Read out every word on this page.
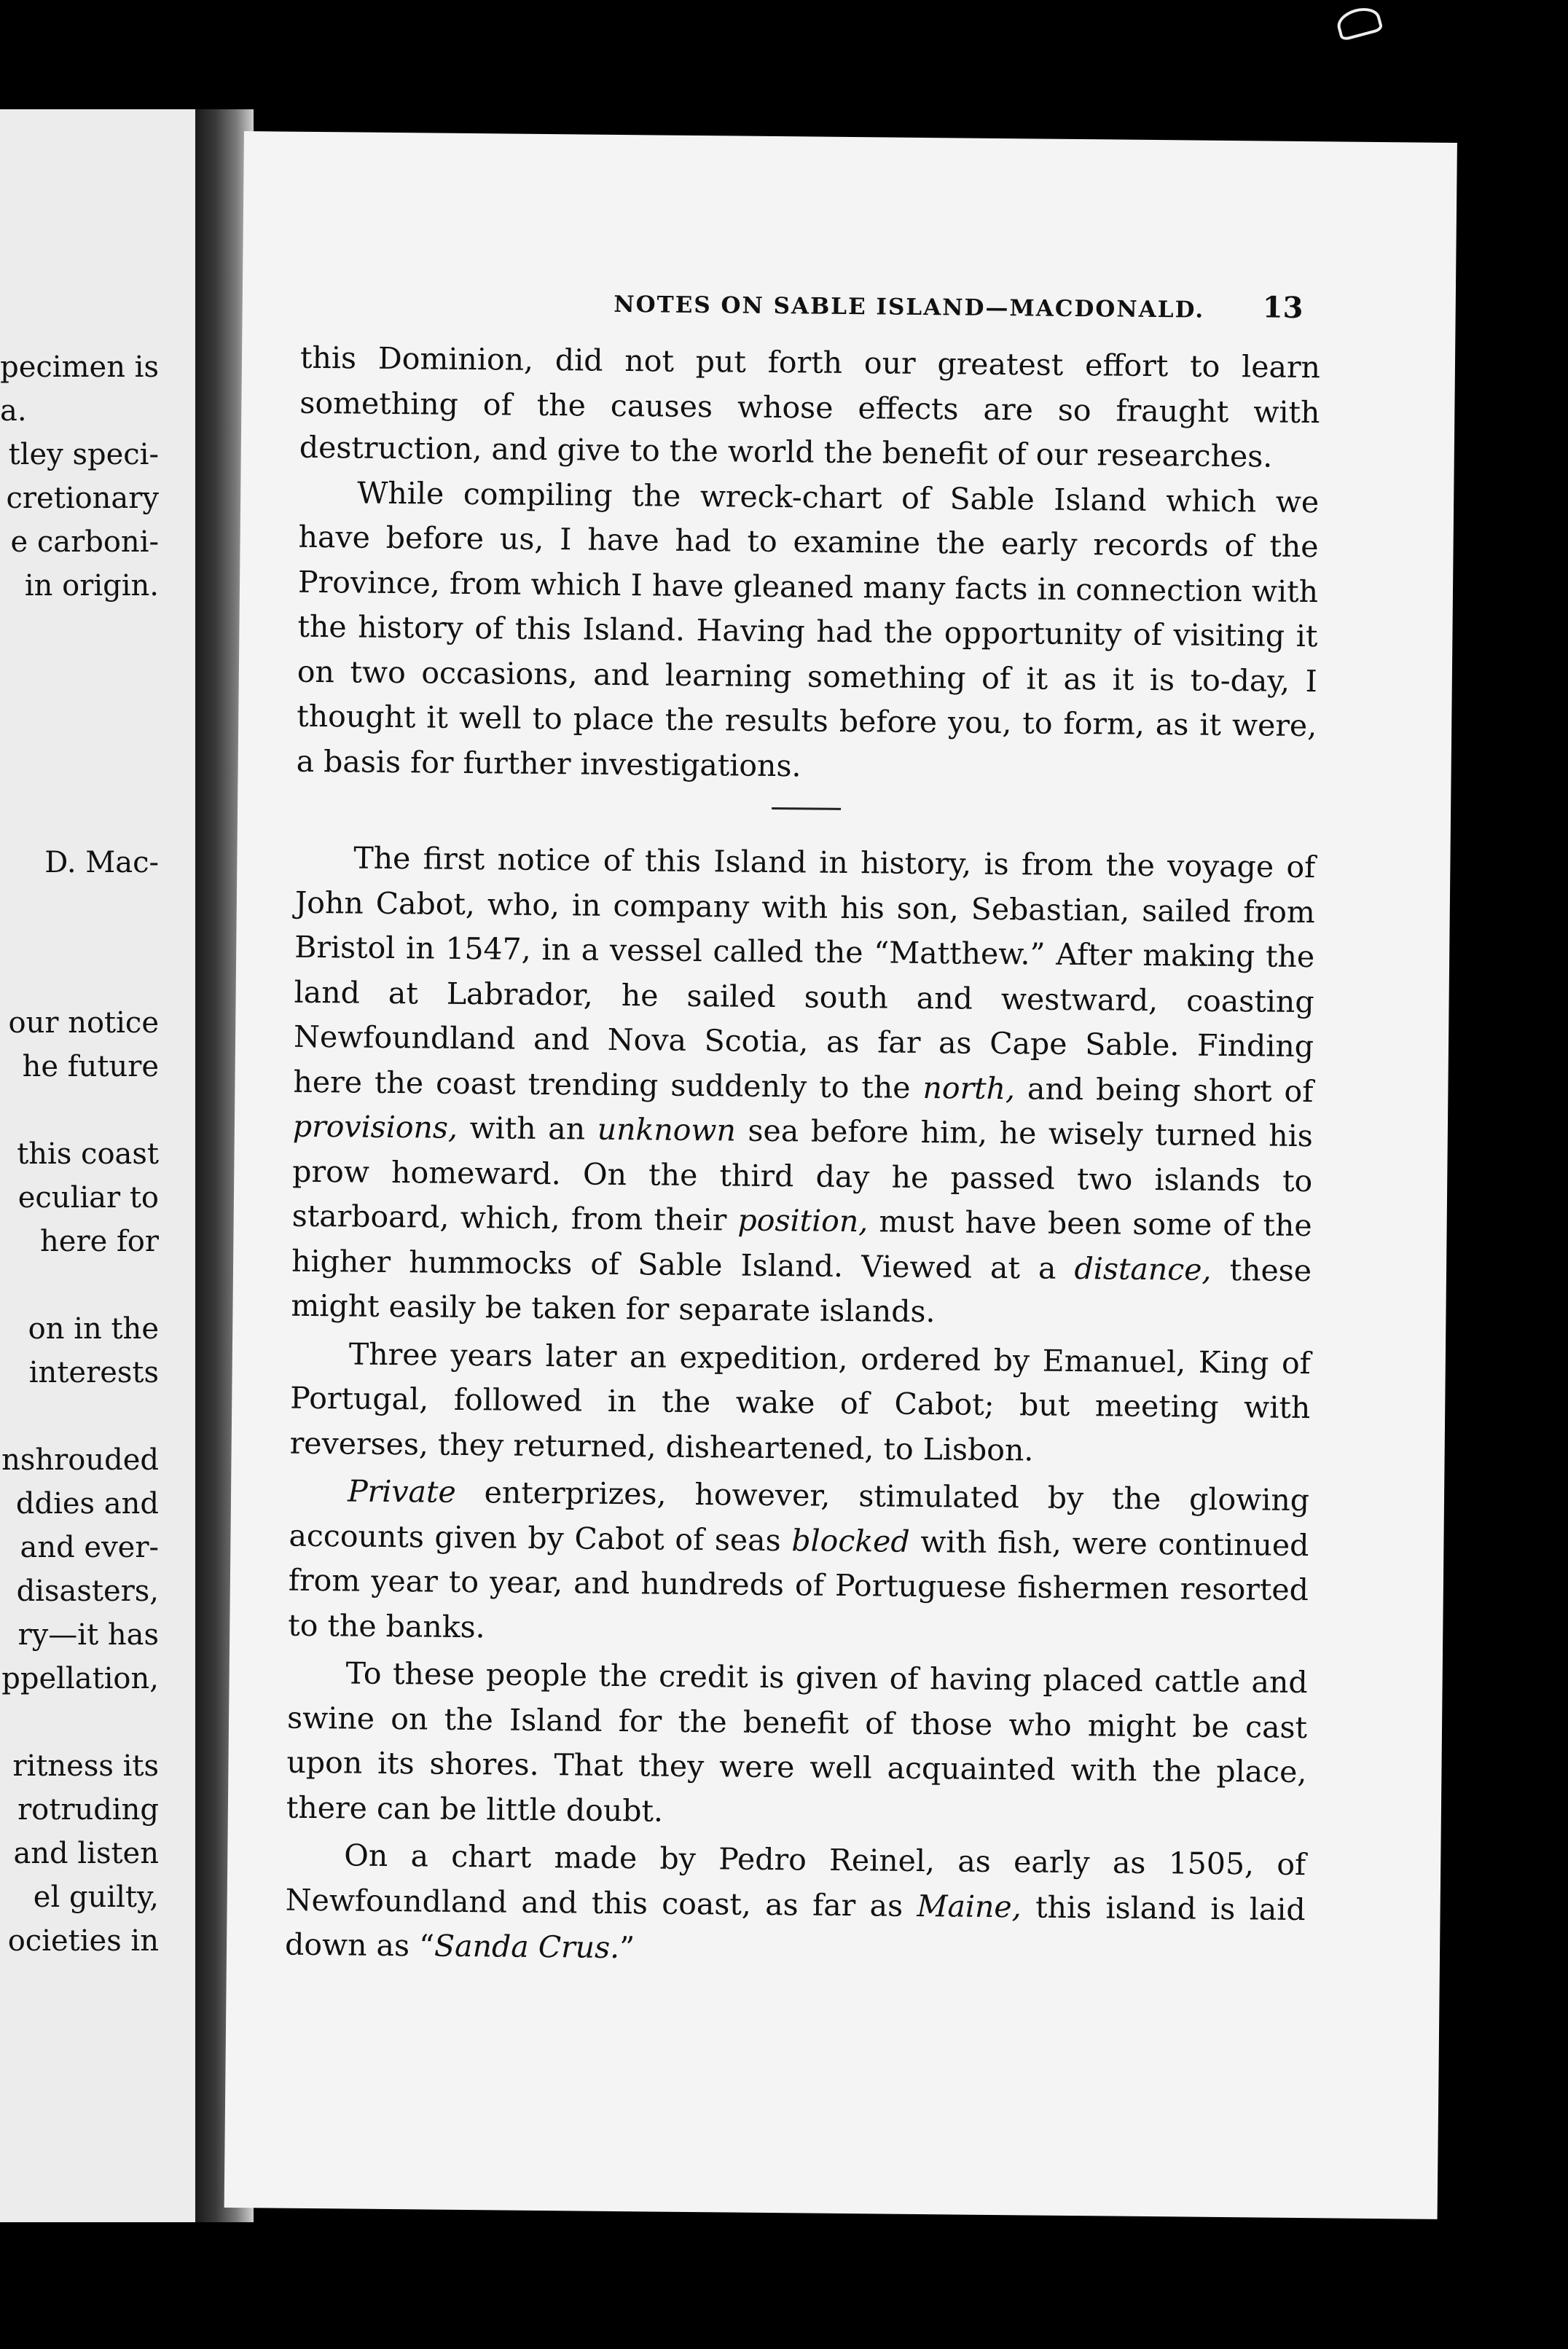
pecimen is
a.
tley speci-
cretionary
e carboni-
in origin.
D. Mac-
our notice
he future
this coast
eculiar to
here for
on in the
interests
nshrouded
ddies and
and ever-
disasters,
ry—it has
ppellation,
ritness its
rotruding
and listen
el guilty,
ocieties in
NOTES ON SABLE ISLAND—MACDONALD.	13

this Dominion, did not put forth our greatest effort to learn something of the causes whose effects are so fraught with destruction, and give to the world the benefit of our researches.

While compiling the wreck-chart of Sable Island which we have before us, I have had to examine the early records of the Province, from which I have gleaned many facts in connection with the history of this Island. Having had the opportunity of visiting it on two occasions, and learning something of it as it is to-day, I thought it well to place the results before you, to form, as it were, a basis for further investigations.

The first notice of this Island in history, is from the voyage of John Cabot, who, in company with his son, Sebastian, sailed from Bristol in 1547, in a vessel called the “Matthew.” After making the land at Labrador, he sailed south and westward, coasting Newfoundland and Nova Scotia, as far as Cape Sable. Finding here the coast trending suddenly to the north, and being short of provisions, with an unknown sea before him, he wisely turned his prow homeward. On the third day he passed two islands to starboard, which, from their position, must have been some of the higher hummocks of Sable Island. Viewed at a distance, these might easily be taken for separate islands.

Three years later an expedition, ordered by Emanuel, King of Portugal, followed in the wake of Cabot; but meeting with reverses, they returned, disheartened, to Lisbon.

Private enterprizes, however, stimulated by the glowing accounts given by Cabot of seas blocked with fish, were continued from year to year, and hundreds of Portuguese fishermen resorted to the banks.

To these people the credit is given of having placed cattle and swine on the Island for the benefit of those who might be cast upon its shores. That they were well acquainted with the place, there can be little doubt.

On a chart made by Pedro Reinel, as early as 1505, of Newfoundland and this coast, as far as Maine, this island is laid down as “Sanda Crus.”
